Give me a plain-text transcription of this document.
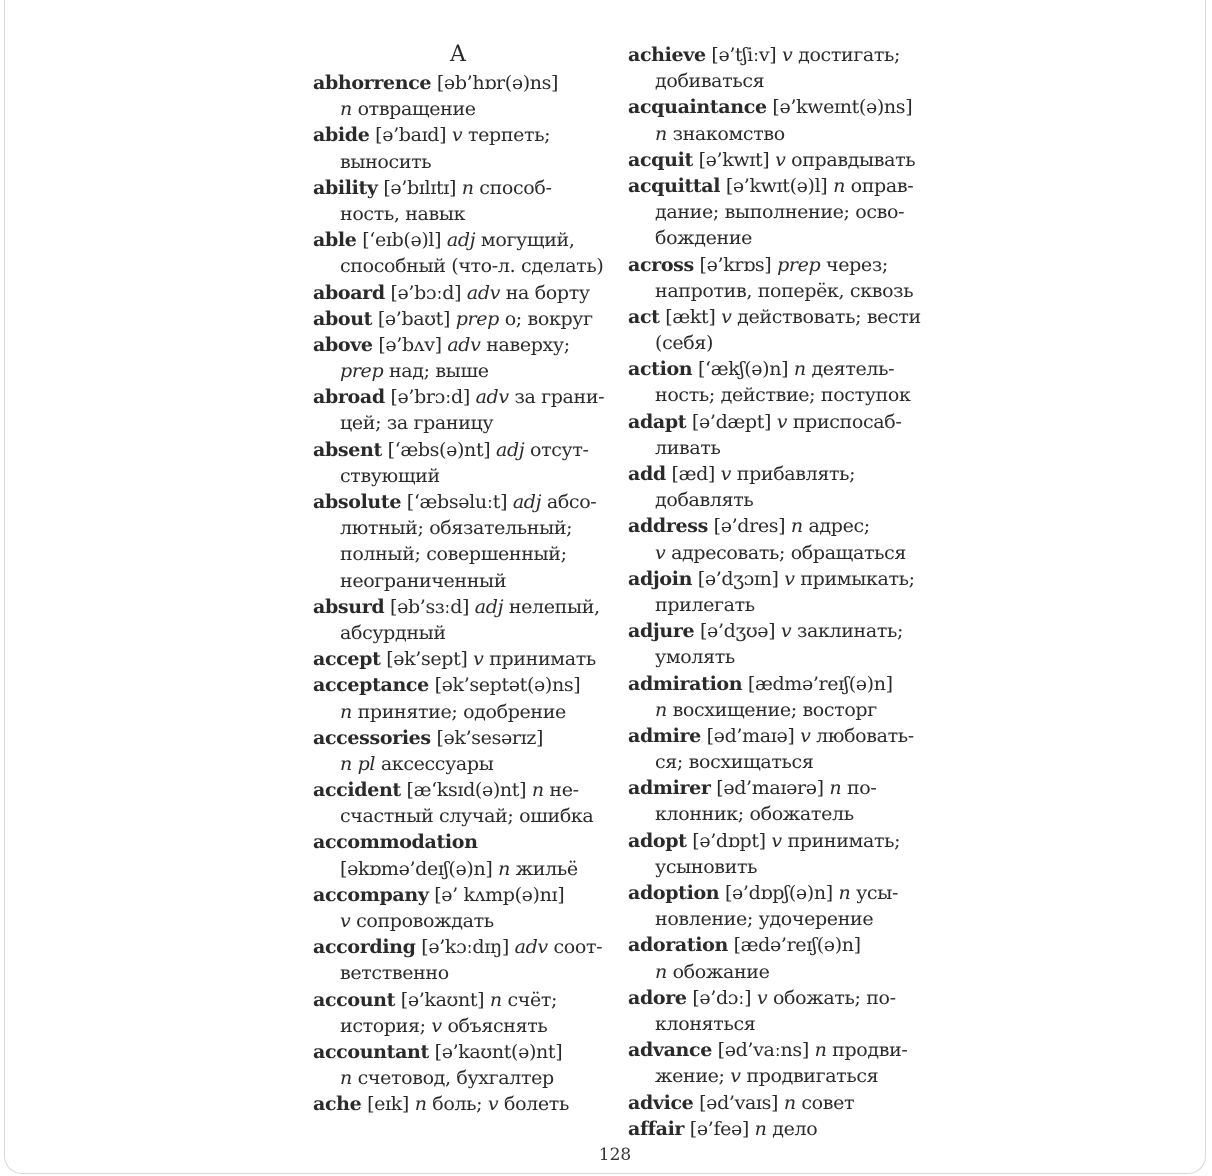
A
abhorrence [əb’hɒr(ə)ns]
n отвращение
abide [ə’baɪd] v терпеть;
выносить
ability [ə’bɪlɪtɪ] n способ-
ность, навык
able [‘eɪb(ə)l] adj могущий,
способный (что-л. сделать)
aboard [ə’bɔːd] adv на борту
about [ə’baʊt] prep о; вокруг
above [ə’bʌv] adv наверху;
prep над; выше
abroad [ə’brɔːd] adv за грани-
цей; за границу
absent [‘æbs(ə)nt] adj отсут-
ствующий
absolute [‘æbsəluːt] adj абсо-
лютный; обязательный;
полный; совершенный;
неограниченный
absurd [əb’sɜːd] adj нелепый,
абсурдный
accept [ək’sept] v принимать
acceptance [ək’septət(ə)ns]
n принятие; одобрение
accessories [ək’sesərɪz]
n pl аксессуары
accident [æ‘ksɪd(ə)nt] n не-
счастный случай; ошибка
accommodation
[əkɒmə’deɪʃ(ə)n] n жильё
accompany [ə’ kʌmp(ə)nɪ]
v сопровождать
according [ə’kɔːdɪŋ] adv соот-
ветственно
account [ə’kaʊnt] n счёт;
история; v объяснять
accountant [ə’kaʊnt(ə)nt]
n счетовод, бухгалтер
ache [eɪk] n боль; v болеть
achieve [ə’tʃiːv] v достигать;
добиваться
acquaintance [ə’kweɪnt(ə)ns]
n знакомство
acquit [ə’kwɪt] v оправдывать
acquittal [ə’kwɪt(ə)l] n оправ-
дание; выполнение; осво-
бождение
across [ə’krɒs] prep через;
напротив, поперёк, сквозь
act [ækt] v действовать; вести
(себя)
action [‘ækʃ(ə)n] n деятель-
ность; действие; поступок
adapt [ə’dæpt] v приспосаб-
ливать
add [æd] v прибавлять;
добавлять
address [ə’dres] n адрес;
v адресовать; обращаться
adjoin [ə’dʒɔɪn] v примыкать;
прилегать
adjure [ə’dʒʊə] v заклинать;
умолять
admiration [ædmə’reɪʃ(ə)n]
n восхищение; восторг
admire [əd’maɪə] v любовать-
ся; восхищаться
admirer [əd’maɪərə] n по-
клонник; обожатель
adopt [ə’dɒpt] v принимать;
усыновить
adoption [ə’dɒpʃ(ə)n] n усы-
новление; удочерение
adoration [ædə’reɪʃ(ə)n]
n обожание
adore [ə’dɔː] v обожать; по-
клоняться
advance [əd’vaːns] n продви-
жение; v продвигаться
advice [əd’vaɪs] n совет
affair [ə’feə] n дело
128
